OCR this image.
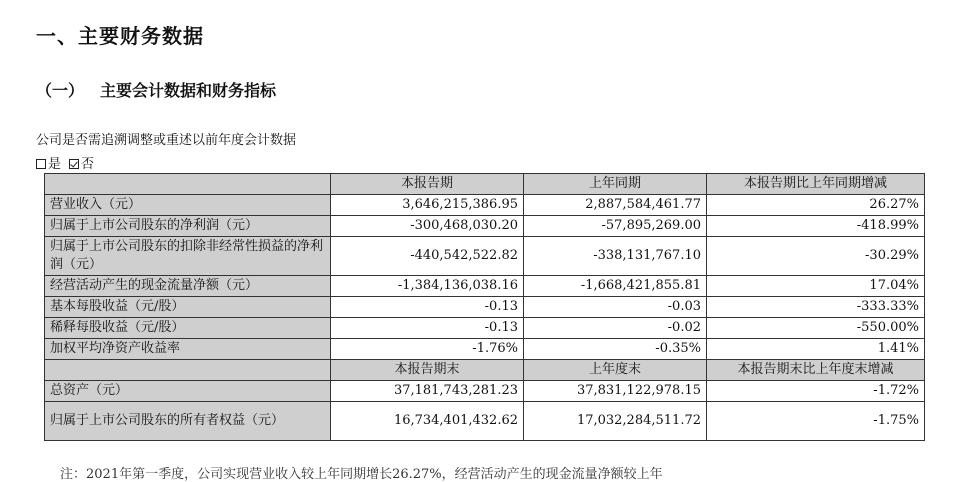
一、主要财务数据
（一） 主要会计数据和财务指标
公司是否需追溯调整或重述以前年度会计数据
是 否
	本报告期	上年同期	本报告期比上年同期增减
营业收入（元）	3,646,215,386.95	2,887,584,461.77	26.27%
归属于上市公司股东的净利润（元）	-300,468,030.20	-57,895,269.00	-418.99%
归属于上市公司股东的扣除非经常性损益的净利润（元）	-440,542,522.82	-338,131,767.10	-30.29%
经营活动产生的现金流量净额（元）	-1,384,136,038.16	-1,668,421,855.81	17.04%
基本每股收益（元/股）	-0.13	-0.03	-333.33%
稀释每股收益（元/股）	-0.13	-0.02	-550.00%
加权平均净资产收益率	-1.76%	-0.35%	1.41%
	本报告期末	上年度末	本报告期末比上年度末增减
总资产（元）	37,181,743,281.23	37,831,122,978.15	-1.72%
归属于上市公司股东的所有者权益（元）	16,734,401,432.62	17,032,284,511.72	-1.75%
注：2021年第一季度，公司实现营业收入较上年同期增长26.27%，经营活动产生的现金流量净额较上年
